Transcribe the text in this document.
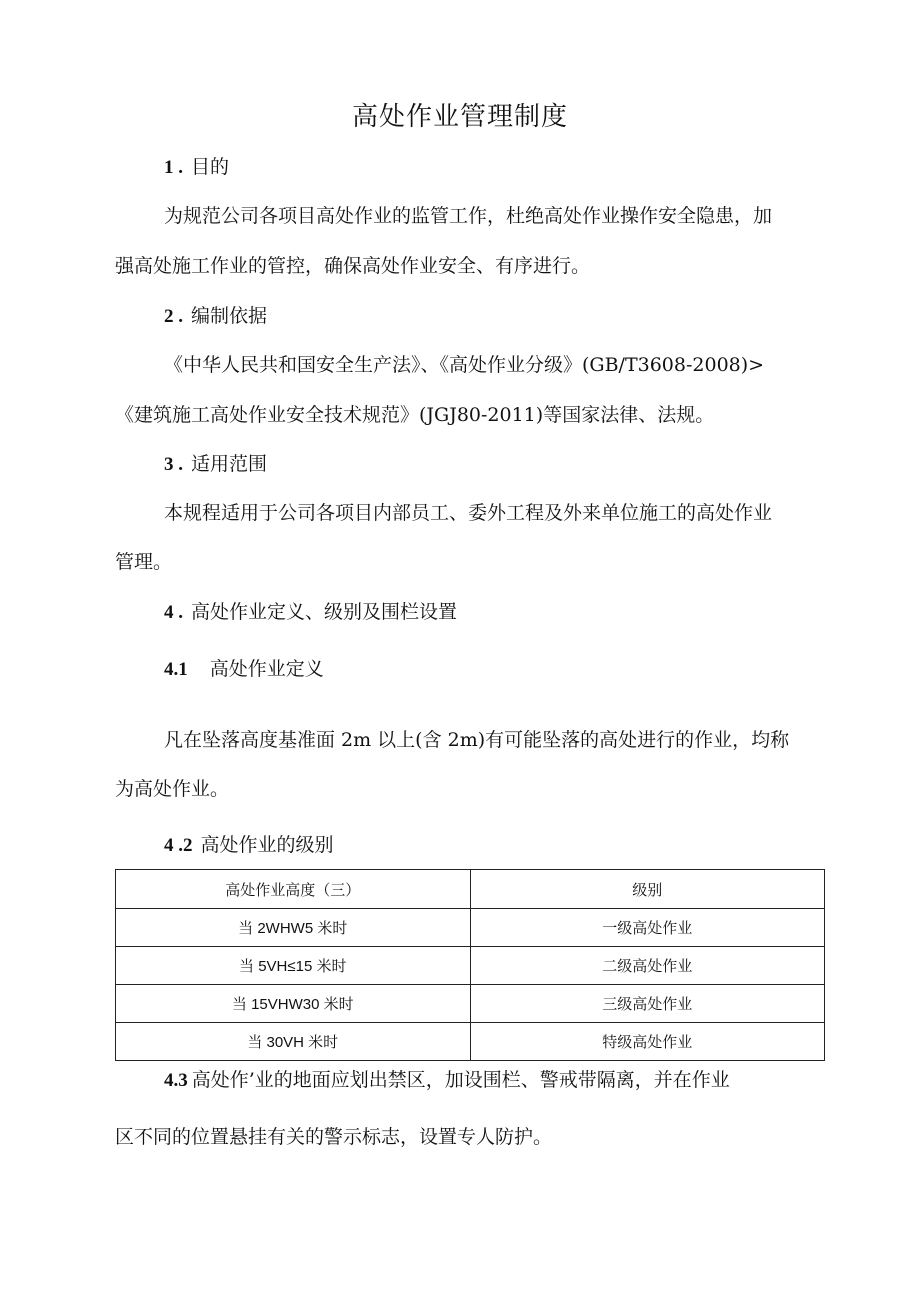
高处作业管理制度
1 . 目的
为规范公司各项目高处作业的监管工作，杜绝高处作业操作安全隐患，加
强高处施工作业的管控，确保高处作业安全、有序进行。
2 . 编制依据
《中华人民共和国安全生产法》、《高处作业分级》(GB/T3608-2008)>
《建筑施工高处作业安全技术规范》(JGJ80-2011)等国家法律、法规。
3 . 适用范围
本规程适用于公司各项目内部员工、委外工程及外来单位施工的高处作业
管理。
4 . 高处作业定义、级别及围栏设置
4.1 高处作业定义
凡在坠落高度基准面 2m 以上(含 2m)有可能坠落的高处进行的作业，均称
为高处作业。
4 .2 高处作业的级别
高处作业高度（三）	级别
当 2WHW5 米时	一级高处作业
当 5VH≤15 米时	二级高处作业
当 15VHW30 米时	三级高处作业
当 30VH 米时	特级高处作业
4.3 高处作’业的地面应划出禁区，加设围栏、警戒带隔离，并在作业
区不同的位置悬挂有关的警示标志，设置专人防护。
